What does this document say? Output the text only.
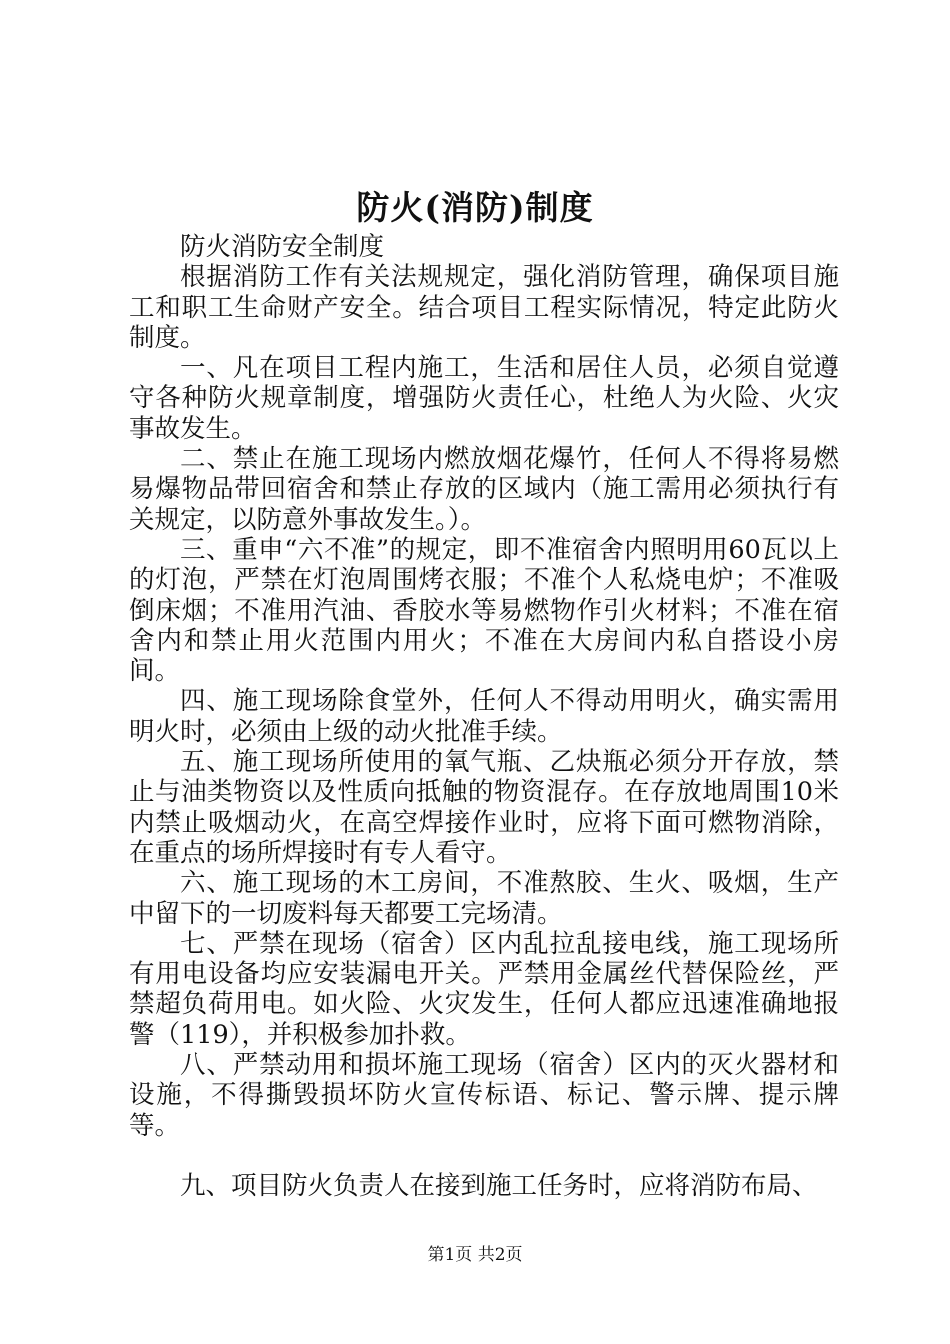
防火(消防)制度

防火消防安全制度

根据消防工作有关法规规定，强化消防管理，确保项目施工和职工生命财产安全。结合项目工程实际情况，特定此防火制度。

一、凡在项目工程内施工，生活和居住人员，必须自觉遵守各种防火规章制度，增强防火责任心，杜绝人为火险、火灾事故发生。

二、禁止在施工现场内燃放烟花爆竹，任何人不得将易燃易爆物品带回宿舍和禁止存放的区域内（施工需用必须执行有关规定，以防意外事故发生。）。

三、重申“六不准”的规定，即不准宿舍内照明用60瓦以上的灯泡，严禁在灯泡周围烤衣服；不准个人私烧电炉；不准吸倒床烟；不准用汽油、香胶水等易燃物作引火材料；不准在宿舍内和禁止用火范围内用火；不准在大房间内私自搭设小房间。

四、施工现场除食堂外，任何人不得动用明火，确实需用明火时，必须由上级的动火批准手续。

五、施工现场所使用的氧气瓶、乙炔瓶必须分开存放，禁止与油类物资以及性质向抵触的物资混存。在存放地周围10米内禁止吸烟动火，在高空焊接作业时，应将下面可燃物消除，在重点的场所焊接时有专人看守。

六、施工现场的木工房间，不准熬胶、生火、吸烟，生产中留下的一切废料每天都要工完场清。

七、严禁在现场（宿舍）区内乱拉乱接电线，施工现场所有用电设备均应安装漏电开关。严禁用金属丝代替保险丝，严禁超负荷用电。如火险、火灾发生，任何人都应迅速准确地报警（119），并积极参加扑救。

八、严禁动用和损坏施工现场（宿舍）区内的灭火器材和设施，不得撕毁损坏防火宣传标语、标记、警示牌、提示牌等。

九、项目防火负责人在接到施工任务时，应将消防布局、

第1页 共2页
